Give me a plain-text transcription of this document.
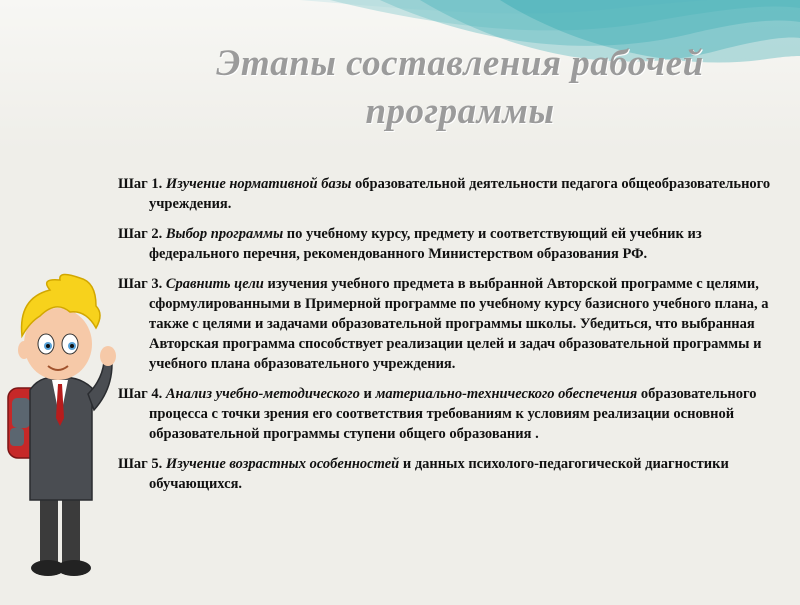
Этапы составления рабочей
программы

Шаг 1. Изучение нормативной базы образовательной деятельности педагога общеобразовательного учреждения.

Шаг 2. Выбор программы по учебному курсу, предмету и соответствующий ей учебник из федерального перечня, рекомендованного Министерством образования РФ.

Шаг 3. Сравнить цели изучения учебного предмета в выбранной Авторской программе с целями, сформулированными в Примерной программе по учебному курсу базисного учебного плана, а также с целями и задачами образовательной программы школы. Убедиться, что выбранная Авторская программа способствует реализации целей и задач образовательной программы и учебного плана образовательного учреждения.

Шаг 4. Анализ учебно-методического и материально-технического обеспечения образовательного процесса с точки зрения его соответствия требованиям к условиям реализации основной образовательной программы ступени общего образования .

Шаг 5. Изучение возрастных особенностей и данных психолого-педагогической диагностики обучающихся.
